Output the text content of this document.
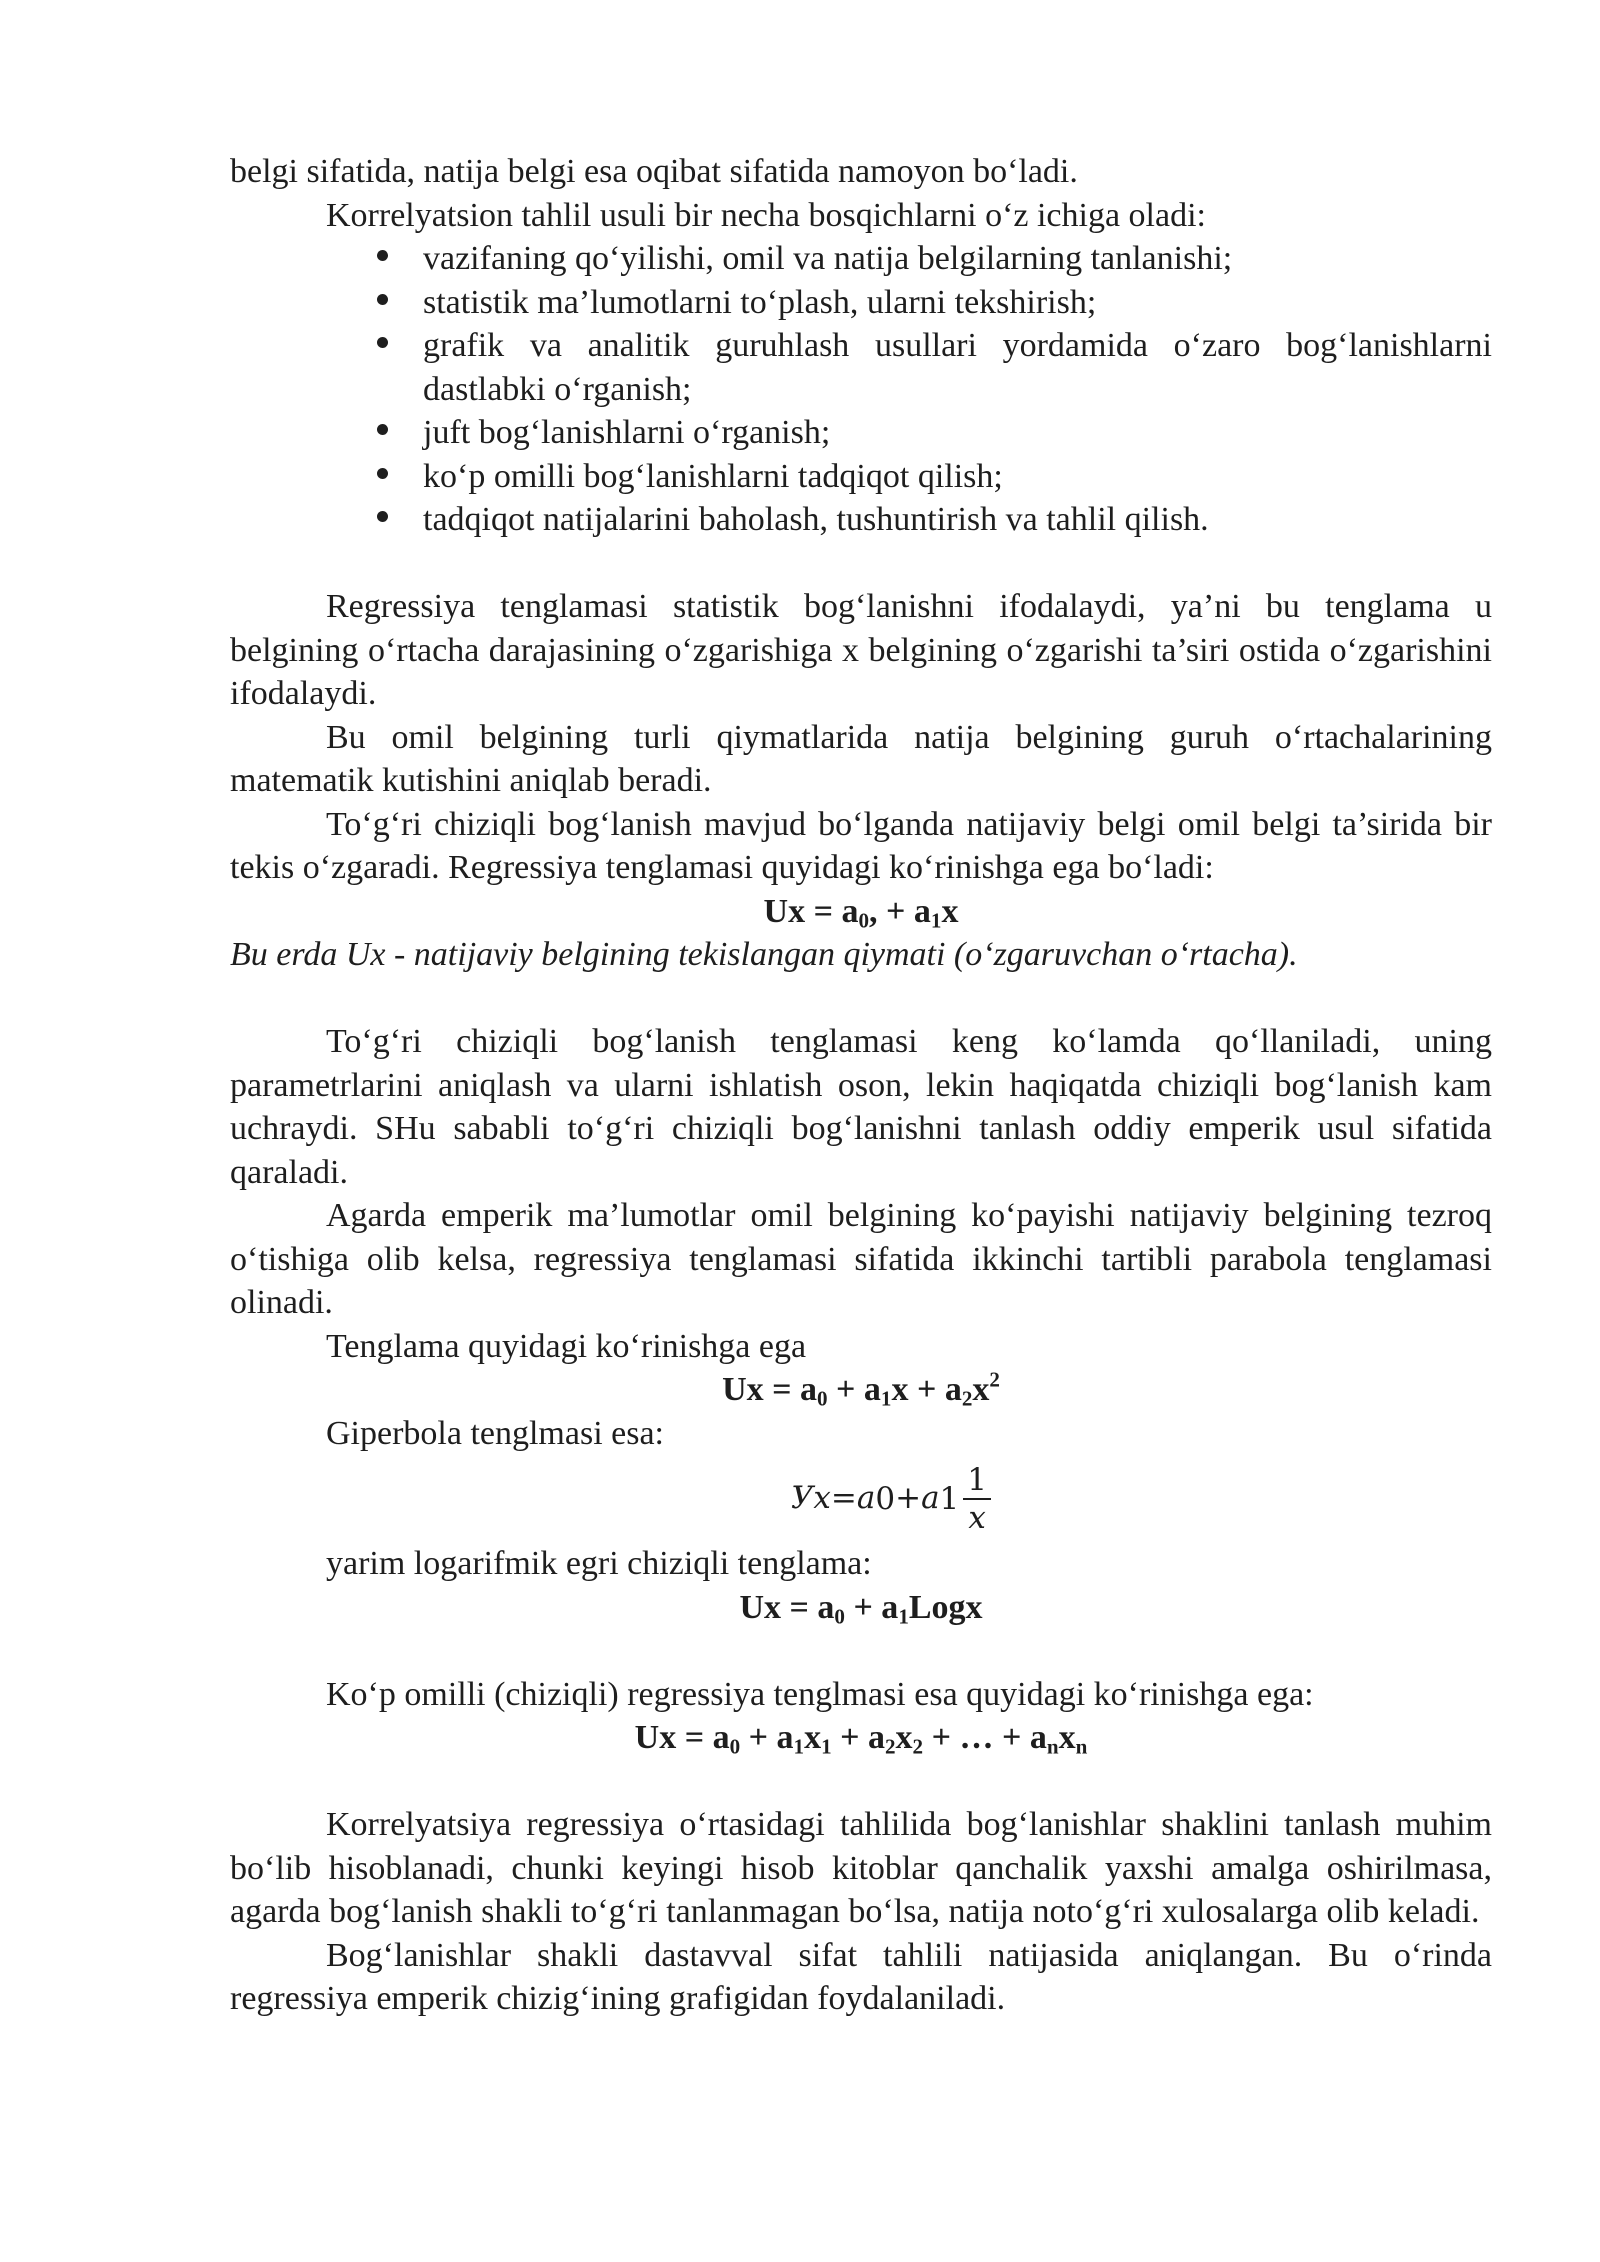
belgi sifatida, natija belgi esa oqibat sifatida namoyon bo‘ladi.

Korrelyatsion tahlil usuli bir necha bosqichlarni o‘z ichiga oladi:

vazifaning qo‘yilishi, omil va natija belgilarning tanlanishi;
statistik ma’lumotlarni to‘plash, ularni tekshirish;
grafik va analitik guruhlash usullari yordamida o‘zaro bog‘lanishlarni dastlabki o‘rganish;
juft bog‘lanishlarni o‘rganish;
ko‘p omilli bog‘lanishlarni tadqiqot qilish;
tadqiqot natijalarini baholash, tushuntirish va tahlil qilish.

Regressiya tenglamasi statistik bog‘lanishni ifodalaydi, ya’ni bu tenglama u belgining o‘rtacha darajasining o‘zgarishiga x belgining o‘zgarishi ta’siri ostida o‘zgarishini ifodalaydi.

Bu omil belgining turli qiymatlarida natija belgining guruh o‘rtachalarining matematik kutishini aniqlab beradi.

To‘g‘ri chiziqli bog‘lanish mavjud bo‘lganda natijaviy belgi omil belgi ta’sirida bir tekis o‘zgaradi. Regressiya tenglamasi quyidagi ko‘rinishga ega bo‘ladi:

$Ux = a_0$, + $a_1x$

Bu erda Ux - natijaviy belgining tekislangan qiymati (o‘zgaruvchan o‘rtacha).

To‘g‘ri chiziqli bog‘lanish tenglamasi keng ko‘lamda qo‘llaniladi, uning parametrlarini aniqlash va ularni ishlatish oson, lekin haqiqatda chiziqli bog‘lanish kam uchraydi. SHu sababli to‘g‘ri chiziqli bog‘lanishni tanlash oddiy emperik usul sifatida qaraladi.

Agarda emperik ma’lumotlar omil belgining ko‘payishi natijaviy belgining tezroq o‘tishiga olib kelsa, regressiya tenglamasi sifatida ikkinchi tartibli parabola tenglamasi olinadi.

Tenglama quyidagi ko‘rinishga ega

$Ux = a_0 + a_1x + a_2x^2$

Giperbola tenglmasi esa:

Ух = a 0 + a $1 \frac{1}{x}$

yarim logarifmik egri chiziqli tenglama:

$Ux = a_0$ + $a_1Logx$

Ko‘p omilli (chiziqli) regressiya tenglmasi esa quyidagi ko‘rinishga ega:

$Ux = a_0 + a_1x_1 + a_2x_2$ + … + $a_nx_n$

Korrelyatsiya regressiya o‘rtasidagi tahlilida bog‘lanishlar shaklini tanlash muhim bo‘lib hisoblanadi, chunki keyingi hisob kitoblar qanchalik yaxshi amalga oshirilmasa, agarda bog‘lanish shakli to‘g‘ri tanlanmagan bo‘lsa, natija noto‘g‘ri xulosalarga olib keladi.

Bog‘lanishlar shakli dastavval sifat tahlili natijasida aniqlangan. Bu o‘rinda regressiya emperik chizig‘ining grafigidan foydalaniladi.
